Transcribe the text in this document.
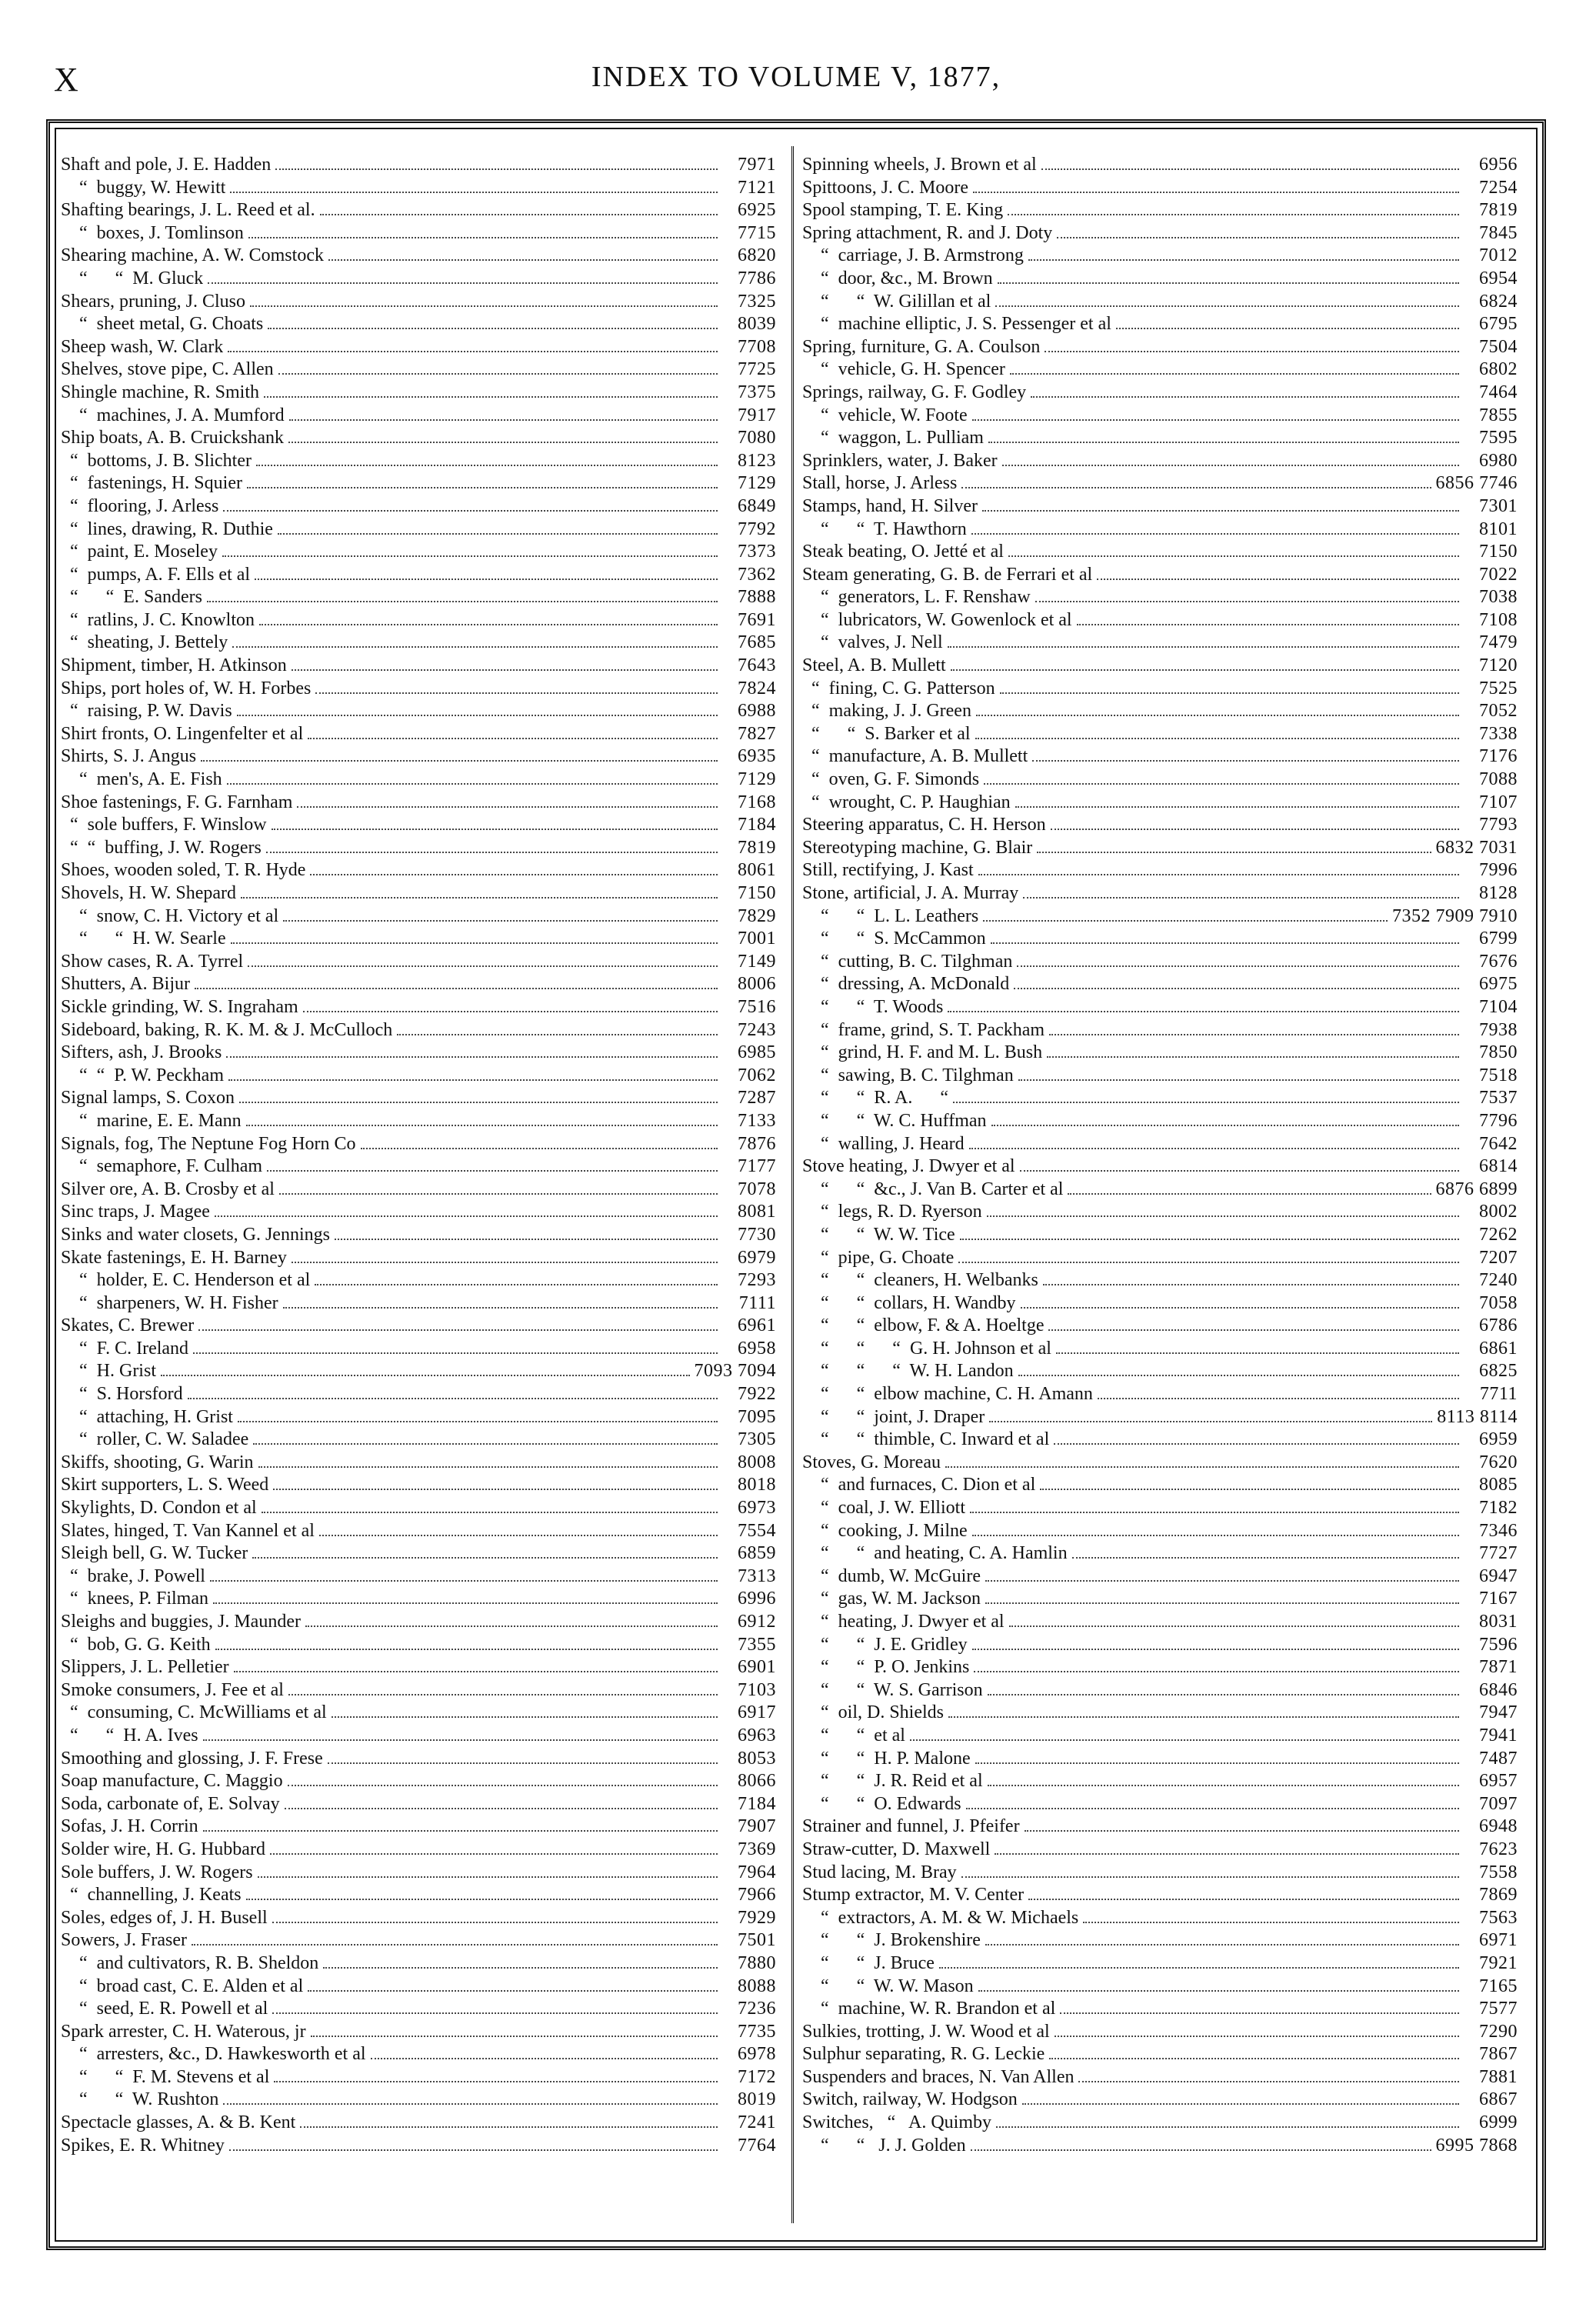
X	INDEX TO VOLUME V, 1877,
Shaft and pole, J. E. Hadden	7971
“  buggy, W. Hewitt	7121
Shafting bearings, J. L. Reed et al.	6925
“  boxes, J. Tomlinson	7715
Shearing machine, A. W. Comstock	6820
“      “  M. Gluck	7786
Shears, pruning, J. Cluso	7325
“  sheet metal, G. Choats	8039
Sheep wash, W. Clark	7708
Shelves, stove pipe, C. Allen	7725
Shingle machine, R. Smith	7375
“  machines, J. A. Mumford	7917
Ship boats, A. B. Cruickshank	7080
“  bottoms, J. B. Slichter	8123
“  fastenings, H. Squier	7129
“  flooring, J. Arless	6849
“  lines, drawing, R. Duthie	7792
“  paint, E. Moseley	7373
“  pumps, A. F. Ells et al	7362
“      “  E. Sanders	7888
“  ratlins, J. C. Knowlton	7691
“  sheating, J. Bettely	7685
Shipment, timber, H. Atkinson	7643
Ships, port holes of, W. H. Forbes	7824
“  raising, P. W. Davis	6988
Shirt fronts, O. Lingenfelter et al	7827
Shirts, S. J. Angus	6935
“  men's, A. E. Fish	7129
Shoe fastenings, F. G. Farnham	7168
“  sole buffers, F. Winslow	7184
“  “  buffing, J. W. Rogers	7819
Shoes, wooden soled, T. R. Hyde	8061
Shovels, H. W. Shepard	7150
“  snow, C. H. Victory et al	7829
“      “  H. W. Searle	7001
Show cases, R. A. Tyrrel	7149
Shutters, A. Bijur	8006
Sickle grinding, W. S. Ingraham	7516
Sideboard, baking, R. K. M. & J. McCulloch	7243
Sifters, ash, J. Brooks	6985
“  “  P. W. Peckham	7062
Signal lamps, S. Coxon	7287
“  marine, E. E. Mann	7133
Signals, fog, The Neptune Fog Horn Co	7876
“  semaphore, F. Culham	7177
Silver ore, A. B. Crosby et al	7078
Sinc traps, J. Magee	8081
Sinks and water closets, G. Jennings	7730
Skate fastenings, E. H. Barney	6979
“  holder, E. C. Henderson et al	7293
“  sharpeners, W. H. Fisher	7111
Skates, C. Brewer	6961
“  F. C. Ireland	6958
“  H. Grist	7093 7094
“  S. Horsford	7922
“  attaching, H. Grist	7095
“  roller, C. W. Saladee	7305
Skiffs, shooting, G. Warin	8008
Skirt supporters, L. S. Weed	8018
Skylights, D. Condon et al	6973
Slates, hinged, T. Van Kannel et al	7554
Sleigh bell, G. W. Tucker	6859
“  brake, J. Powell	7313
“  knees, P. Filman	6996
Sleighs and buggies, J. Maunder	6912
“  bob, G. G. Keith	7355
Slippers, J. L. Pelletier	6901
Smoke consumers, J. Fee et al	7103
“  consuming, C. McWilliams et al	6917
“      “  H. A. Ives	6963
Smoothing and glossing, J. F. Frese	8053
Soap manufacture, C. Maggio	8066
Soda, carbonate of, E. Solvay	7184
Sofas, J. H. Corrin	7907
Solder wire, H. G. Hubbard	7369
Sole buffers, J. W. Rogers	7964
“  channelling, J. Keats	7966
Soles, edges of, J. H. Busell	7929
Sowers, J. Fraser	7501
“  and cultivators, R. B. Sheldon	7880
“  broad cast, C. E. Alden et al	8088
“  seed, E. R. Powell et al	7236
Spark arrester, C. H. Waterous, jr	7735
“  arresters, &c., D. Hawkesworth et al	6978
“      “  F. M. Stevens et al	7172
“      “  W. Rushton	8019
Spectacle glasses, A. & B. Kent	7241
Spikes, E. R. Whitney	7764
Spinning wheels, J. Brown et al	6956
Spittoons, J. C. Moore	7254
Spool stamping, T. E. King	7819
Spring attachment, R. and J. Doty	7845
“  carriage, J. B. Armstrong	7012
“  door, &c., M. Brown	6954
“      “  W. Gilillan et al	6824
“  machine elliptic, J. S. Pessenger et al	6795
Spring, furniture, G. A. Coulson	7504
“  vehicle, G. H. Spencer	6802
Springs, railway, G. F. Godley	7464
“  vehicle, W. Foote	7855
“  waggon, L. Pulliam	7595
Sprinklers, water, J. Baker	6980
Stall, horse, J. Arless	6856 7746
Stamps, hand, H. Silver	7301
“      “  T. Hawthorn	8101
Steak beating, O. Jetté et al	7150
Steam generating, G. B. de Ferrari et al	7022
“  generators, L. F. Renshaw	7038
“  lubricators, W. Gowenlock et al	7108
“  valves, J. Nell	7479
Steel, A. B. Mullett	7120
“  fining, C. G. Patterson	7525
“  making, J. J. Green	7052
“      “  S. Barker et al	7338
“  manufacture, A. B. Mullett	7176
“  oven, G. F. Simonds	7088
“  wrought, C. P. Haughian	7107
Steering apparatus, C. H. Herson	7793
Stereotyping machine, G. Blair	6832 7031
Still, rectifying, J. Kast	7996
Stone, artificial, J. A. Murray	8128
“      “  L. L. Leathers	7352 7909 7910
“      “  S. McCammon	6799
“  cutting, B. C. Tilghman	7676
“  dressing, A. McDonald	6975
“      “  T. Woods	7104
“  frame, grind, S. T. Packham	7938
“  grind, H. F. and M. L. Bush	7850
“  sawing, B. C. Tilghman	7518
“      “  R. A.      “	7537
“      “  W. C. Huffman	7796
“  walling, J. Heard	7642
Stove heating, J. Dwyer et al	6814
“      “  &c., J. Van B. Carter et al	6876 6899
“  legs, R. D. Ryerson	8002
“      “  W. W. Tice	7262
“  pipe, G. Choate	7207
“      “  cleaners, H. Welbanks	7240
“      “  collars, H. Wandby	7058
“      “  elbow, F. & A. Hoeltge	6786
“      “      “  G. H. Johnson et al	6861
“      “      “  W. H. Landon	6825
“      “  elbow machine, C. H. Amann	7711
“      “  joint, J. Draper	8113 8114
“      “  thimble, C. Inward et al	6959
Stoves, G. Moreau	7620
“  and furnaces, C. Dion et al	8085
“  coal, J. W. Elliott	7182
“  cooking, J. Milne	7346
“      “  and heating, C. A. Hamlin	7727
“  dumb, W. McGuire	6947
“  gas, W. M. Jackson	7167
“  heating, J. Dwyer et al	8031
“      “  J. E. Gridley	7596
“      “  P. O. Jenkins	7871
“      “  W. S. Garrison	6846
“  oil, D. Shields	7947
“      “  et al	7941
“      “  H. P. Malone	7487
“      “  J. R. Reid et al	6957
“      “  O. Edwards	7097
Strainer and funnel, J. Pfeifer	6948
Straw-cutter, D. Maxwell	7623
Stud lacing, M. Bray	7558
Stump extractor, M. V. Center	7869
“  extractors, A. M. & W. Michaels	7563
“      “  J. Brokenshire	6971
“      “  J. Bruce	7921
“      “  W. W. Mason	7165
“  machine, W. R. Brandon et al	7577
Sulkies, trotting, J. W. Wood et al	7290
Sulphur separating, R. G. Leckie	7867
Suspenders and braces, N. Van Allen	7881
Switch, railway, W. Hodgson	6867
Switches,   “   A. Quimby	6999
“      “   J. J. Golden	6995 7868
